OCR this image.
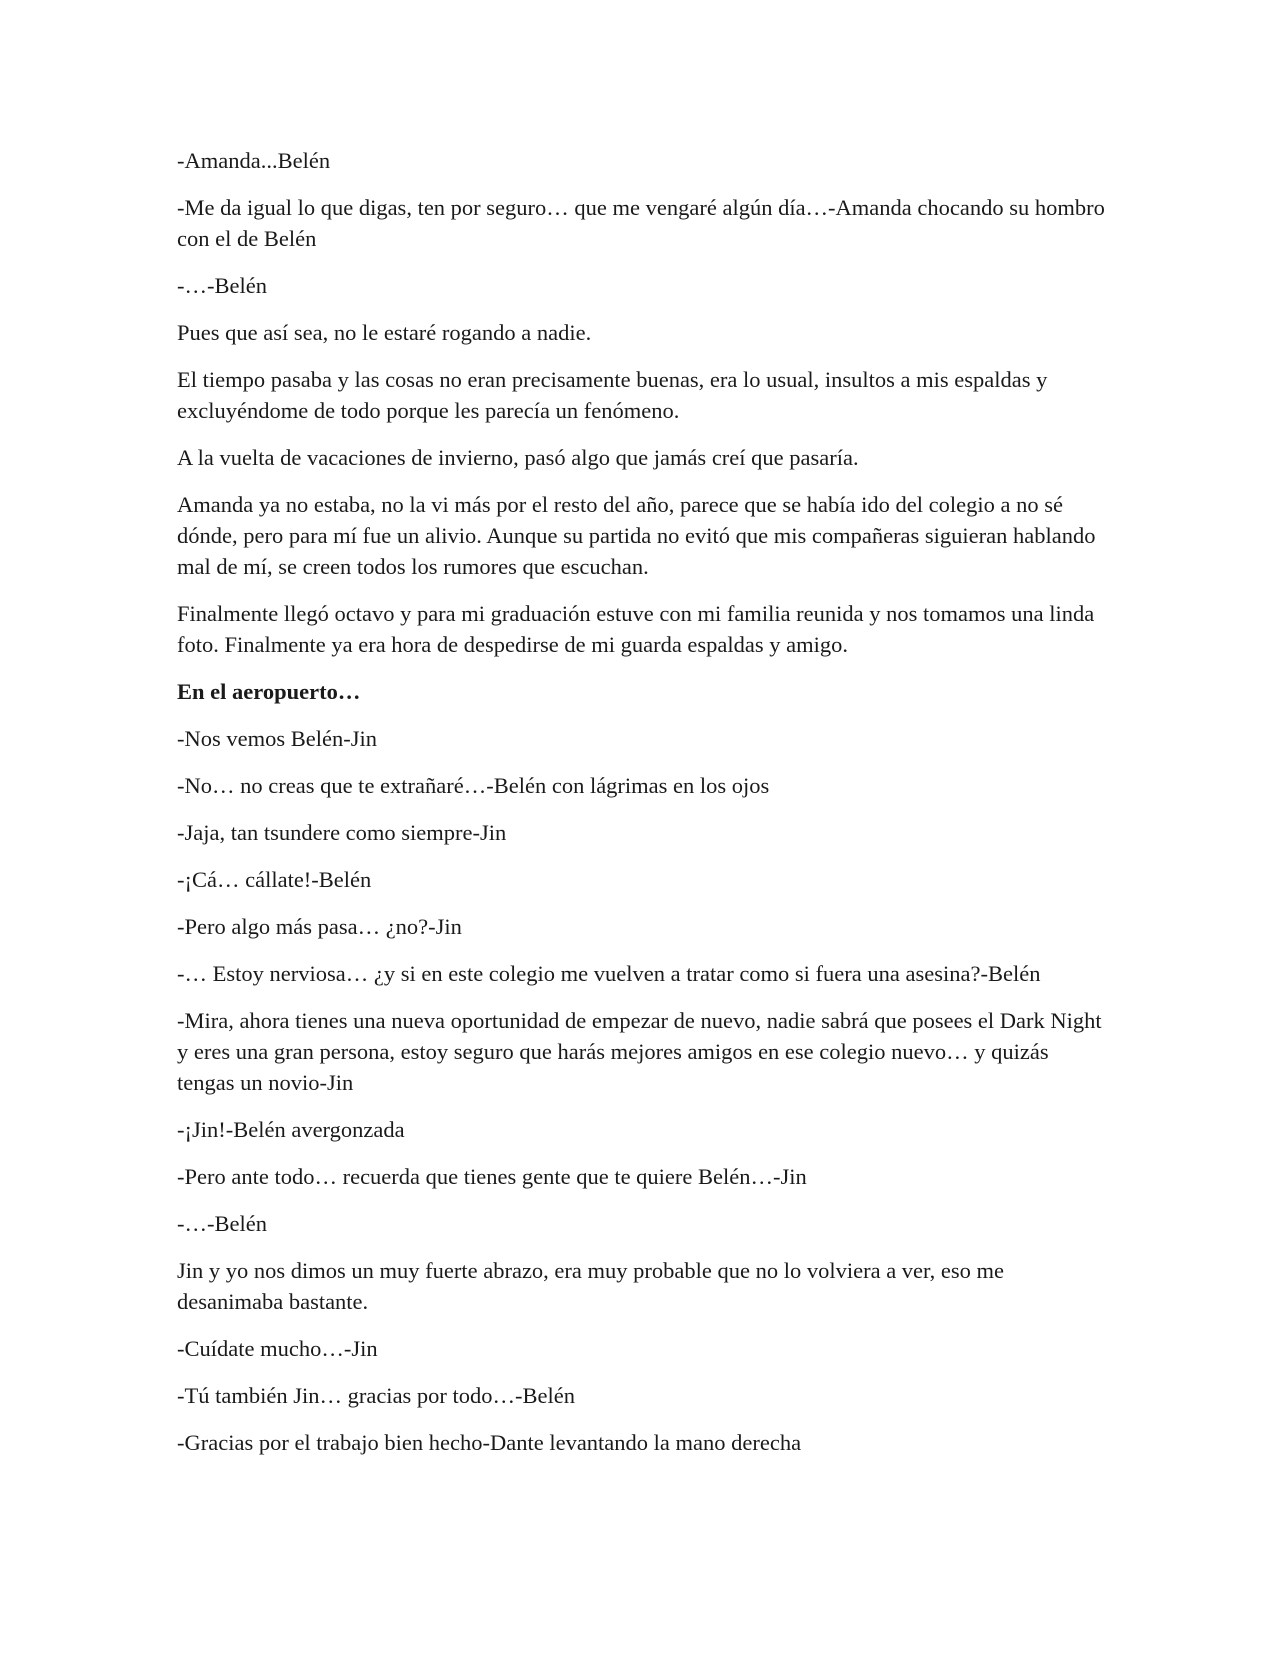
-Amanda...Belén

-Me da igual lo que digas, ten por seguro… que me vengaré algún día…-Amanda chocando su hombro con el de Belén

-…-Belén

Pues que así sea, no le estaré rogando a nadie.

El tiempo pasaba y las cosas no eran precisamente buenas, era lo usual, insultos a mis espaldas y excluyéndome de todo porque les parecía un fenómeno.

A la vuelta de vacaciones de invierno, pasó algo que jamás creí que pasaría.

Amanda ya no estaba, no la vi más por el resto del año, parece que se había ido del colegio a no sé dónde, pero para mí fue un alivio. Aunque su partida no evitó que mis compañeras siguieran hablando mal de mí, se creen todos los rumores que escuchan.

Finalmente llegó octavo y para mi graduación estuve con mi familia reunida y nos tomamos una linda foto. Finalmente ya era hora de despedirse de mi guarda espaldas y amigo.

En el aeropuerto…

-Nos vemos Belén-Jin

-No… no creas que te extrañaré…-Belén con lágrimas en los ojos

-Jaja, tan tsundere como siempre-Jin

-¡Cá… cállate!-Belén

-Pero algo más pasa… ¿no?-Jin

-… Estoy nerviosa… ¿y si en este colegio me vuelven a tratar como si fuera una asesina?-Belén

-Mira, ahora tienes una nueva oportunidad de empezar de nuevo, nadie sabrá que posees el Dark Night y eres una gran persona, estoy seguro que harás mejores amigos en ese colegio nuevo… y quizás tengas un novio-Jin

-¡Jin!-Belén avergonzada

-Pero ante todo… recuerda que tienes gente que te quiere Belén…-Jin

-…-Belén

Jin y yo nos dimos un muy fuerte abrazo, era muy probable que no lo volviera a ver, eso me desanimaba bastante.

-Cuídate mucho…-Jin

-Tú también Jin… gracias por todo…-Belén

-Gracias por el trabajo bien hecho-Dante levantando la mano derecha
